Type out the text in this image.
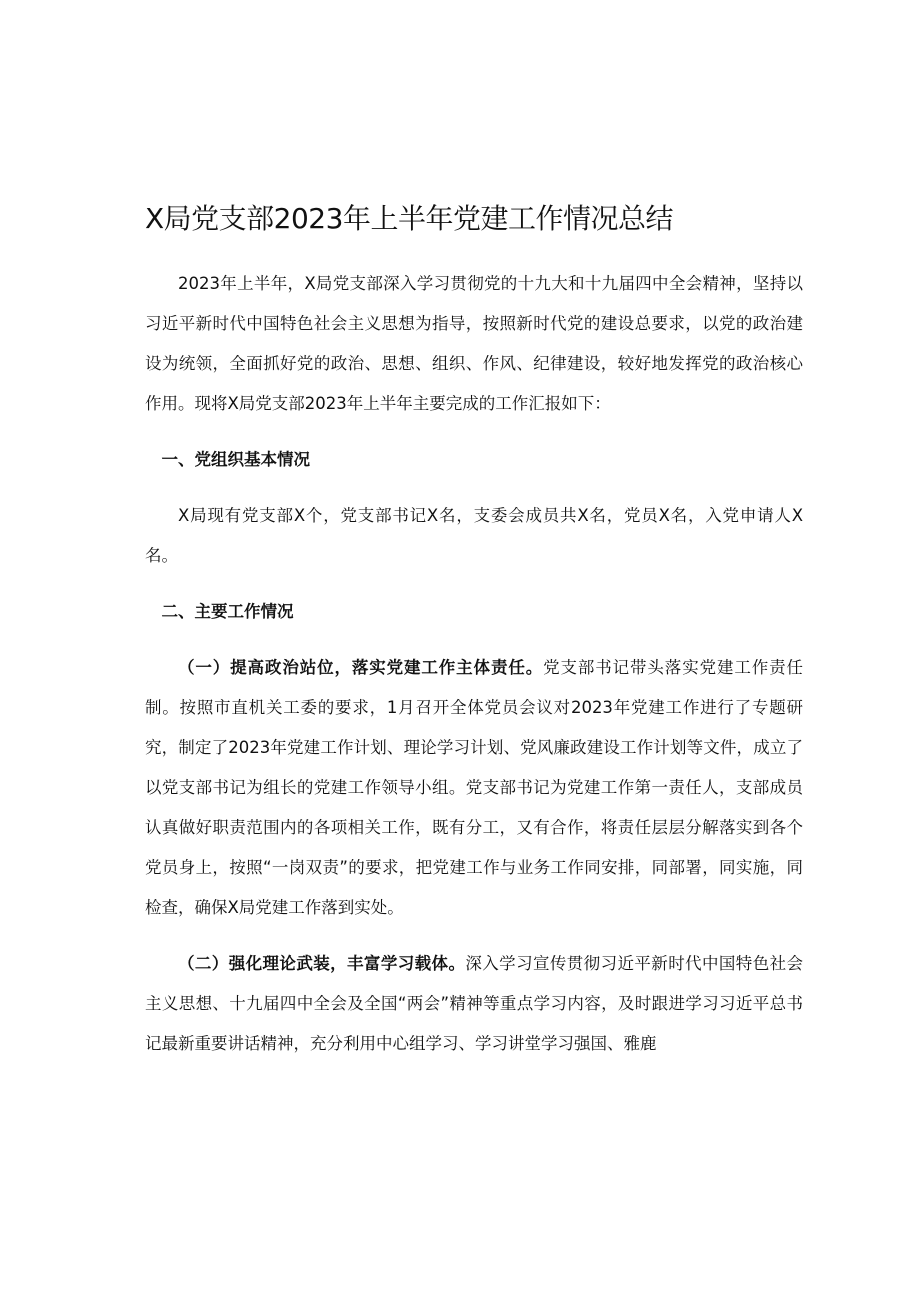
X局党支部2023年上半年党建工作情况总结

2023年上半年，X局党支部深入学习贯彻党的十九大和十九届四中全会精神，坚持以习近平新时代中国特色社会主义思想为指导，按照新时代党的建设总要求，以党的政治建设为统领，全面抓好党的政治、思想、组织、作风、纪律建设，较好地发挥党的政治核心作用。现将X局党支部2023年上半年主要完成的工作汇报如下：

一、党组织基本情况

X局现有党支部X个，党支部书记X名，支委会成员共X名，党员X名，入党申请人X名。

二、主要工作情况

（一）提高政治站位，落实党建工作主体责任。党支部书记带头落实党建工作责任制。按照市直机关工委的要求，1月召开全体党员会议对2023年党建工作进行了专题研究，制定了2023年党建工作计划、理论学习计划、党风廉政建设工作计划等文件，成立了以党支部书记为组长的党建工作领导小组。党支部书记为党建工作第一责任人，支部成员认真做好职责范围内的各项相关工作，既有分工，又有合作，将责任层层分解落实到各个党员身上，按照“一岗双责”的要求，把党建工作与业务工作同安排，同部署，同实施，同检查，确保X局党建工作落到实处。

（二）强化理论武装，丰富学习载体。深入学习宣传贯彻习近平新时代中国特色社会主义思想、十九届四中全会及全国“两会”精神等重点学习内容，及时跟进学习习近平总书记最新重要讲话精神，充分利用中心组学习、学习讲堂学习强国、雅鹿
